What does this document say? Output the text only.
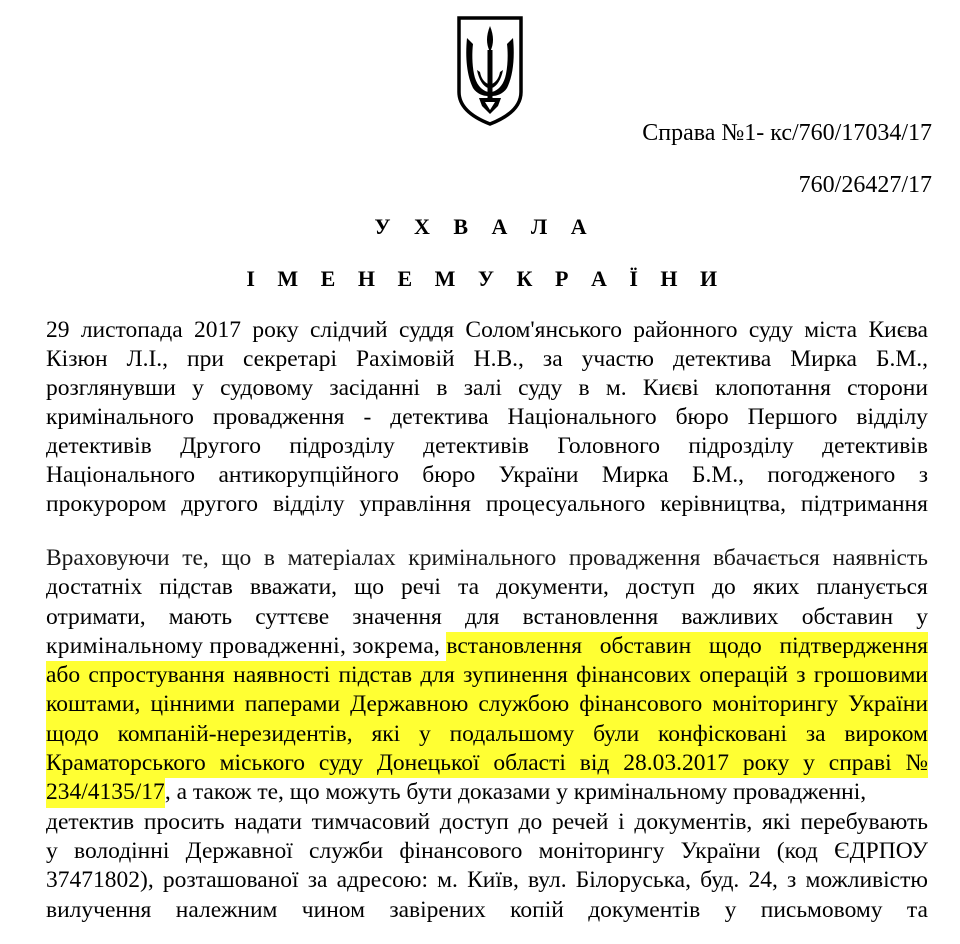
Справа №1- кс/760/17034/17
760/26427/17
У Х В А Л А
І М Е Н Е М У К Р А Ї Н И
29 листопада 2017 року слідчий суддя Солом'янського районного суду міста Києва
Кізюн Л.І., при секретарі Рахімовій Н.В., за участю детектива Мирка Б.М.,
розглянувши у судовому засіданні в залі суду в м. Києві клопотання сторони
кримінального провадження - детектива Національного бюро Першого відділу
детективів Другого підрозділу детективів Головного підрозділу детективів
Національного антикорупційного бюро України Мирка Б.М., погодженого з
прокурором другого відділу управління процесуального керівництва, підтримання
Враховуючи те, що в матеріалах кримінального провадження вбачається наявність
достатніх підстав вважати, що речі та документи, доступ до яких планується
отримати, мають суттєве значення для встановлення важливих обставин у
кримінальному провадженні, зокрема, встановлення обставин щодо підтвердження
або спростування наявності підстав для зупинення фінансових операцій з грошовими
коштами, цінними паперами Державною службою фінансового моніторингу України
щодо компаній-нерезидентів, які у подальшому були конфісковані за вироком
Краматорського міського суду Донецької області від 28.03.2017 року у справі №
234/4135/17 , а також те, що можуть бути доказами у кримінальному провадженні,
детектив просить надати тимчасовий доступ до речей і документів, які перебувають
у володінні Державної служби фінансового моніторингу України (код ЄДРПОУ
37471802), розташованої за адресою: м. Київ, вул. Білоруська, буд. 24, з можливістю
вилучення належним чином завірених копій документів у письмовому та
